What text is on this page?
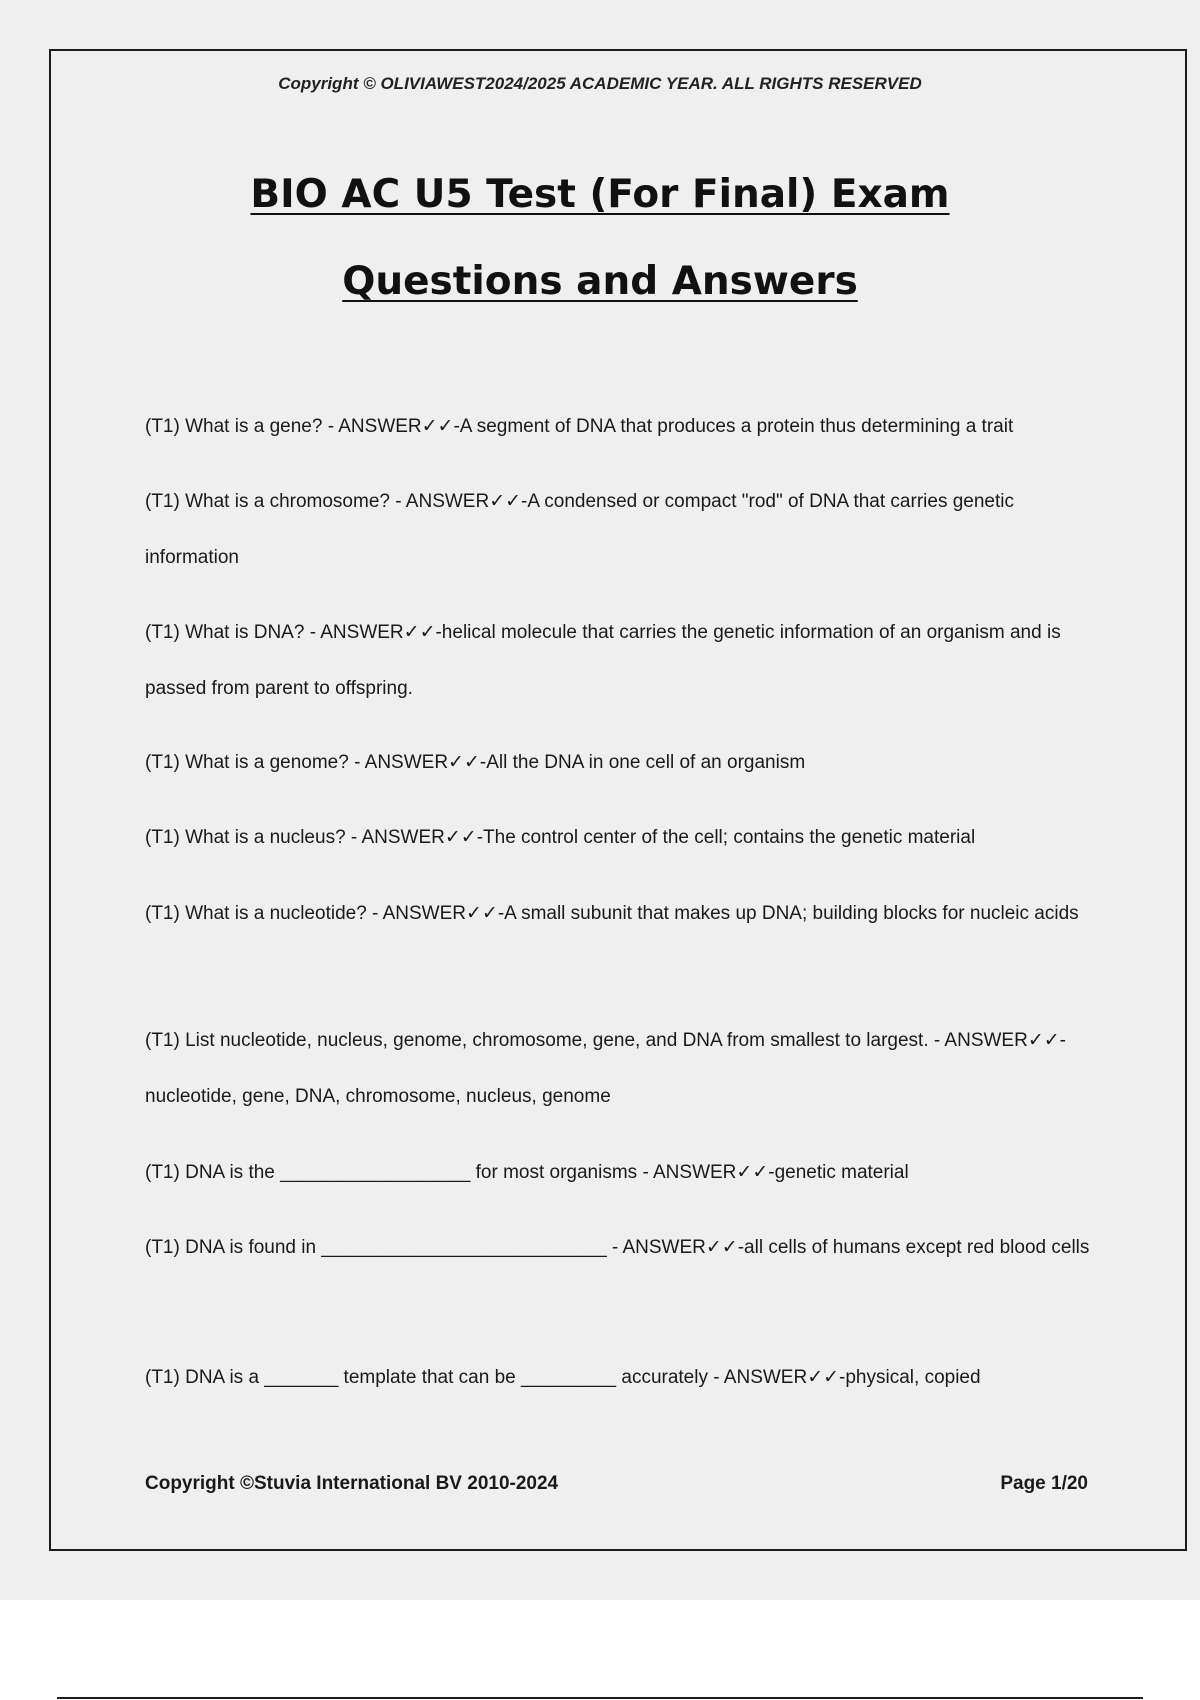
Copyright © OLIVIAWEST2024/2025 ACADEMIC YEAR. ALL RIGHTS RESERVED
BIO AC U5 Test (For Final) Exam
Questions and Answers
(T1) What is a gene? - ANSWER✓✓-A segment of DNA that produces a protein thus determining a trait
(T1) What is a chromosome? - ANSWER✓✓-A condensed or compact "rod" of DNA that carries genetic information
(T1) What is DNA? - ANSWER✓✓-helical molecule that carries the genetic information of an organism and is passed from parent to offspring.
(T1) What is a genome? - ANSWER✓✓-All the DNA in one cell of an organism
(T1) What is a nucleus? - ANSWER✓✓-The control center of the cell; contains the genetic material
(T1) What is a nucleotide? - ANSWER✓✓-A small subunit that makes up DNA; building blocks for nucleic acids
(T1) List nucleotide, nucleus, genome, chromosome, gene, and DNA from smallest to largest. - ANSWER✓✓-nucleotide, gene, DNA, chromosome, nucleus, genome
(T1) DNA is the __________________ for most organisms - ANSWER✓✓-genetic material
(T1) DNA is found in ___________________________ - ANSWER✓✓-all cells of humans except red blood cells
(T1) DNA is a _______ template that can be _________ accurately - ANSWER✓✓-physical, copied
Copyright ©Stuvia International BV 2010-2024	Page 1/20
